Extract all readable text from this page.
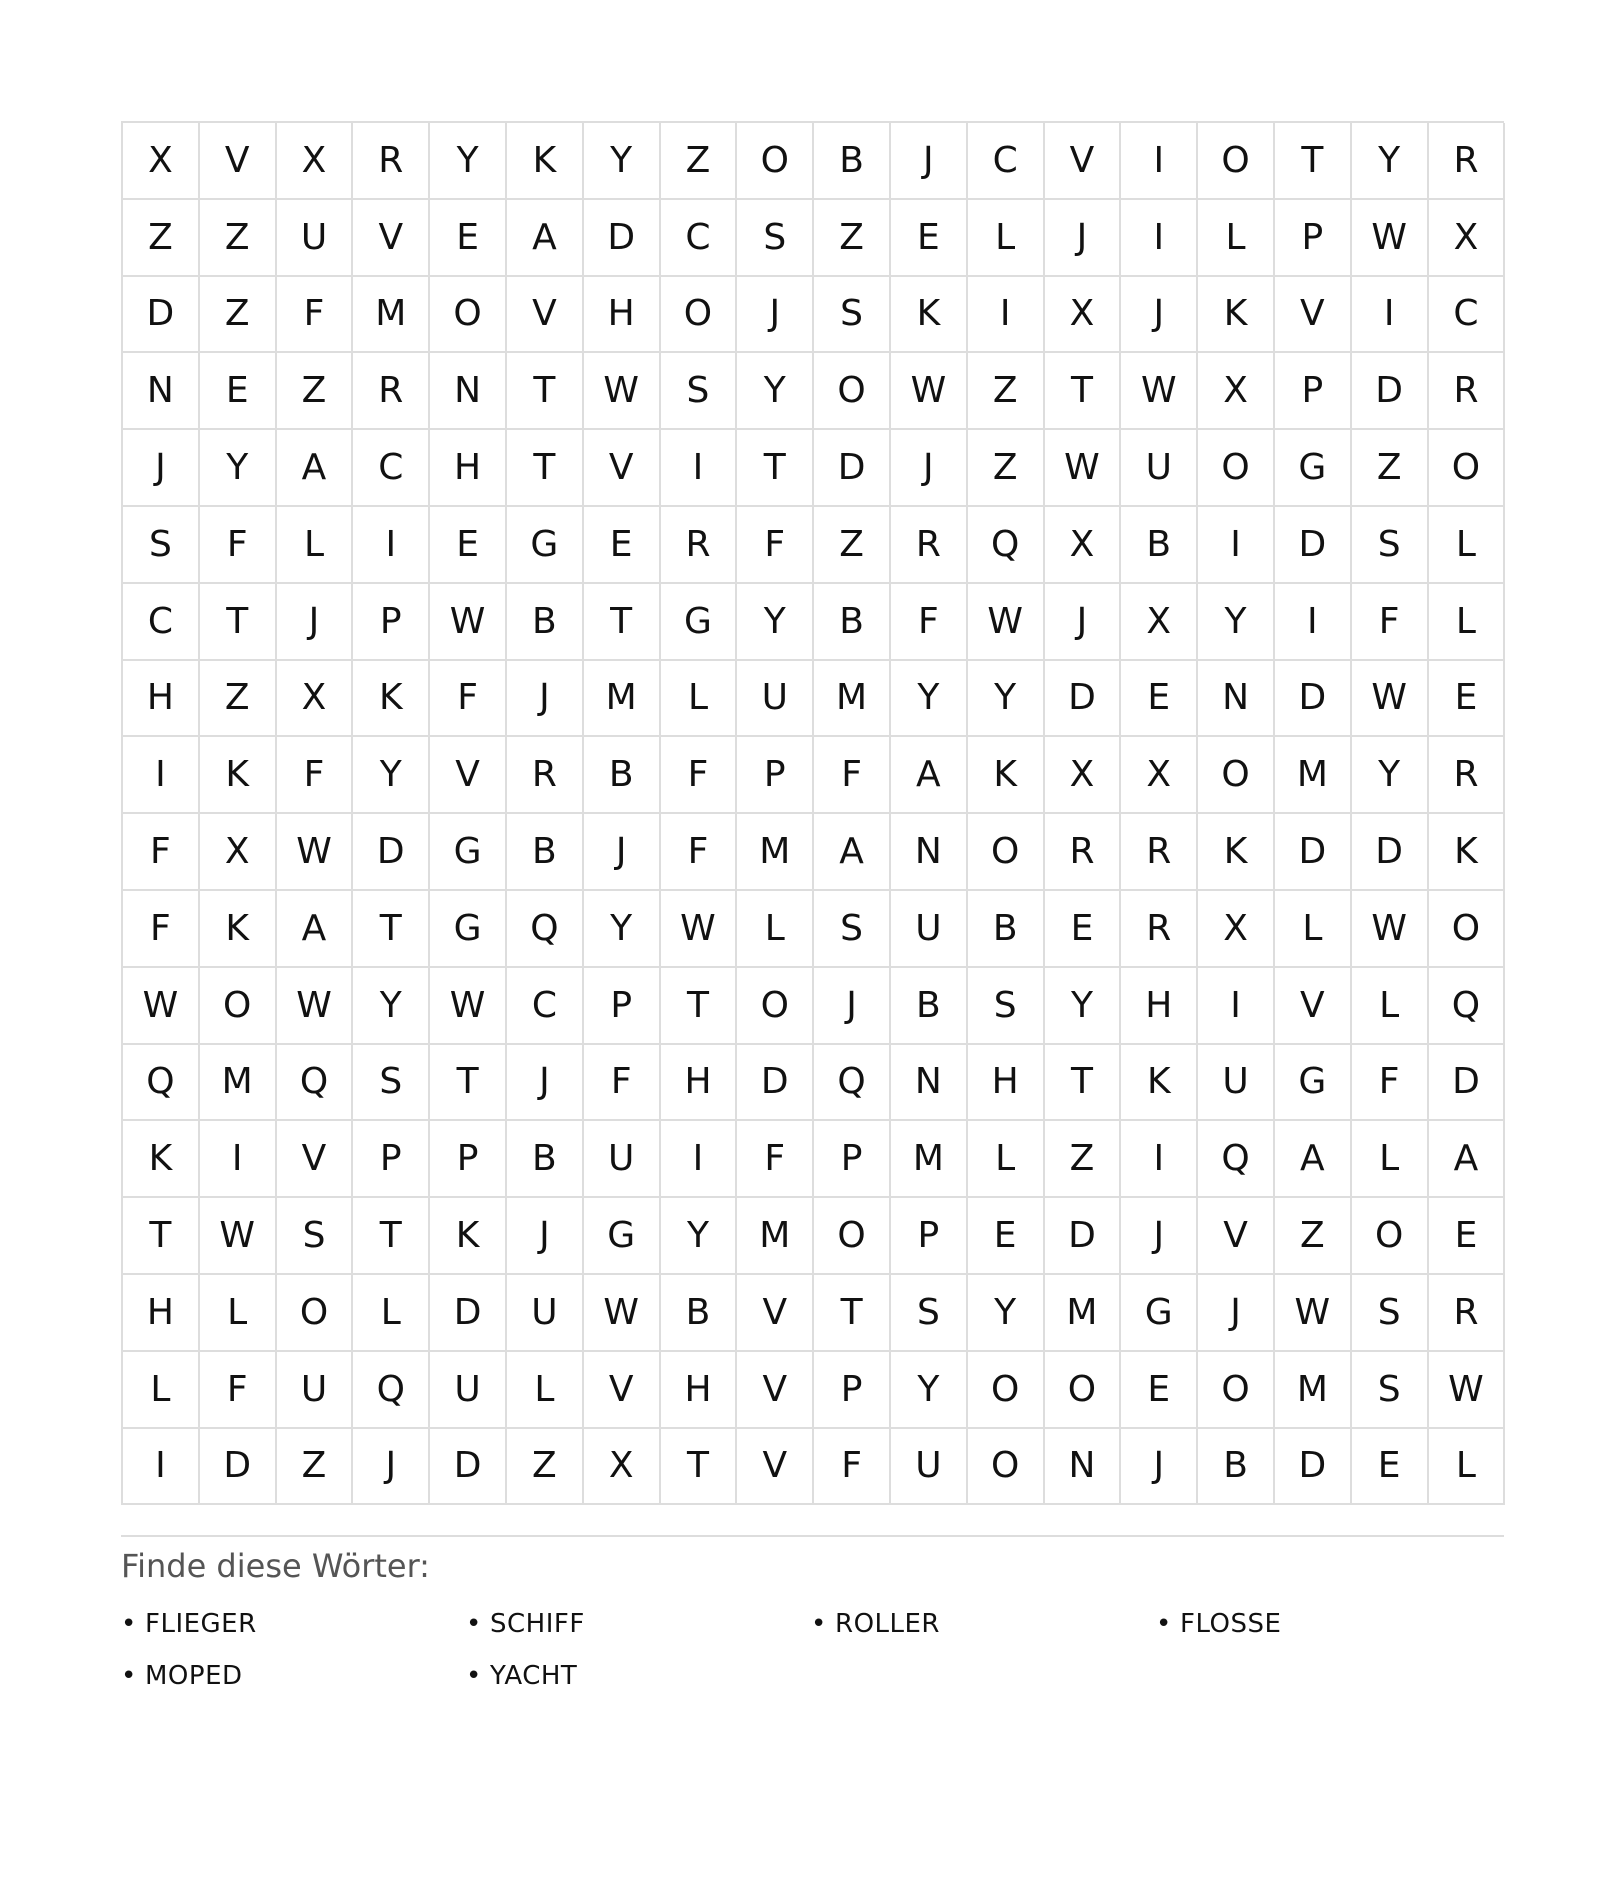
X	V	X	R	Y	K	Y	Z	O	B	J	C	V	I	O	T	Y	R
Z	Z	U	V	E	A	D	C	S	Z	E	L	J	I	L	P	W	X
D	Z	F	M	O	V	H	O	J	S	K	I	X	J	K	V	I	C
N	E	Z	R	N	T	W	S	Y	O	W	Z	T	W	X	P	D	R
J	Y	A	C	H	T	V	I	T	D	J	Z	W	U	O	G	Z	O
S	F	L	I	E	G	E	R	F	Z	R	Q	X	B	I	D	S	L
C	T	J	P	W	B	T	G	Y	B	F	W	J	X	Y	I	F	L
H	Z	X	K	F	J	M	L	U	M	Y	Y	D	E	N	D	W	E
I	K	F	Y	V	R	B	F	P	F	A	K	X	X	O	M	Y	R
F	X	W	D	G	B	J	F	M	A	N	O	R	R	K	D	D	K
F	K	A	T	G	Q	Y	W	L	S	U	B	E	R	X	L	W	O
W	O	W	Y	W	C	P	T	O	J	B	S	Y	H	I	V	L	Q
Q	M	Q	S	T	J	F	H	D	Q	N	H	T	K	U	G	F	D
K	I	V	P	P	B	U	I	F	P	M	L	Z	I	Q	A	L	A
T	W	S	T	K	J	G	Y	M	O	P	E	D	J	V	Z	O	E
H	L	O	L	D	U	W	B	V	T	S	Y	M	G	J	W	S	R
L	F	U	Q	U	L	V	H	V	P	Y	O	O	E	O	M	S	W
I	D	Z	J	D	Z	X	T	V	F	U	O	N	J	B	D	E	L
Finde diese Wörter:
• FLIEGER	• SCHIFF	• ROLLER	• FLOSSE
• MOPED	• YACHT
